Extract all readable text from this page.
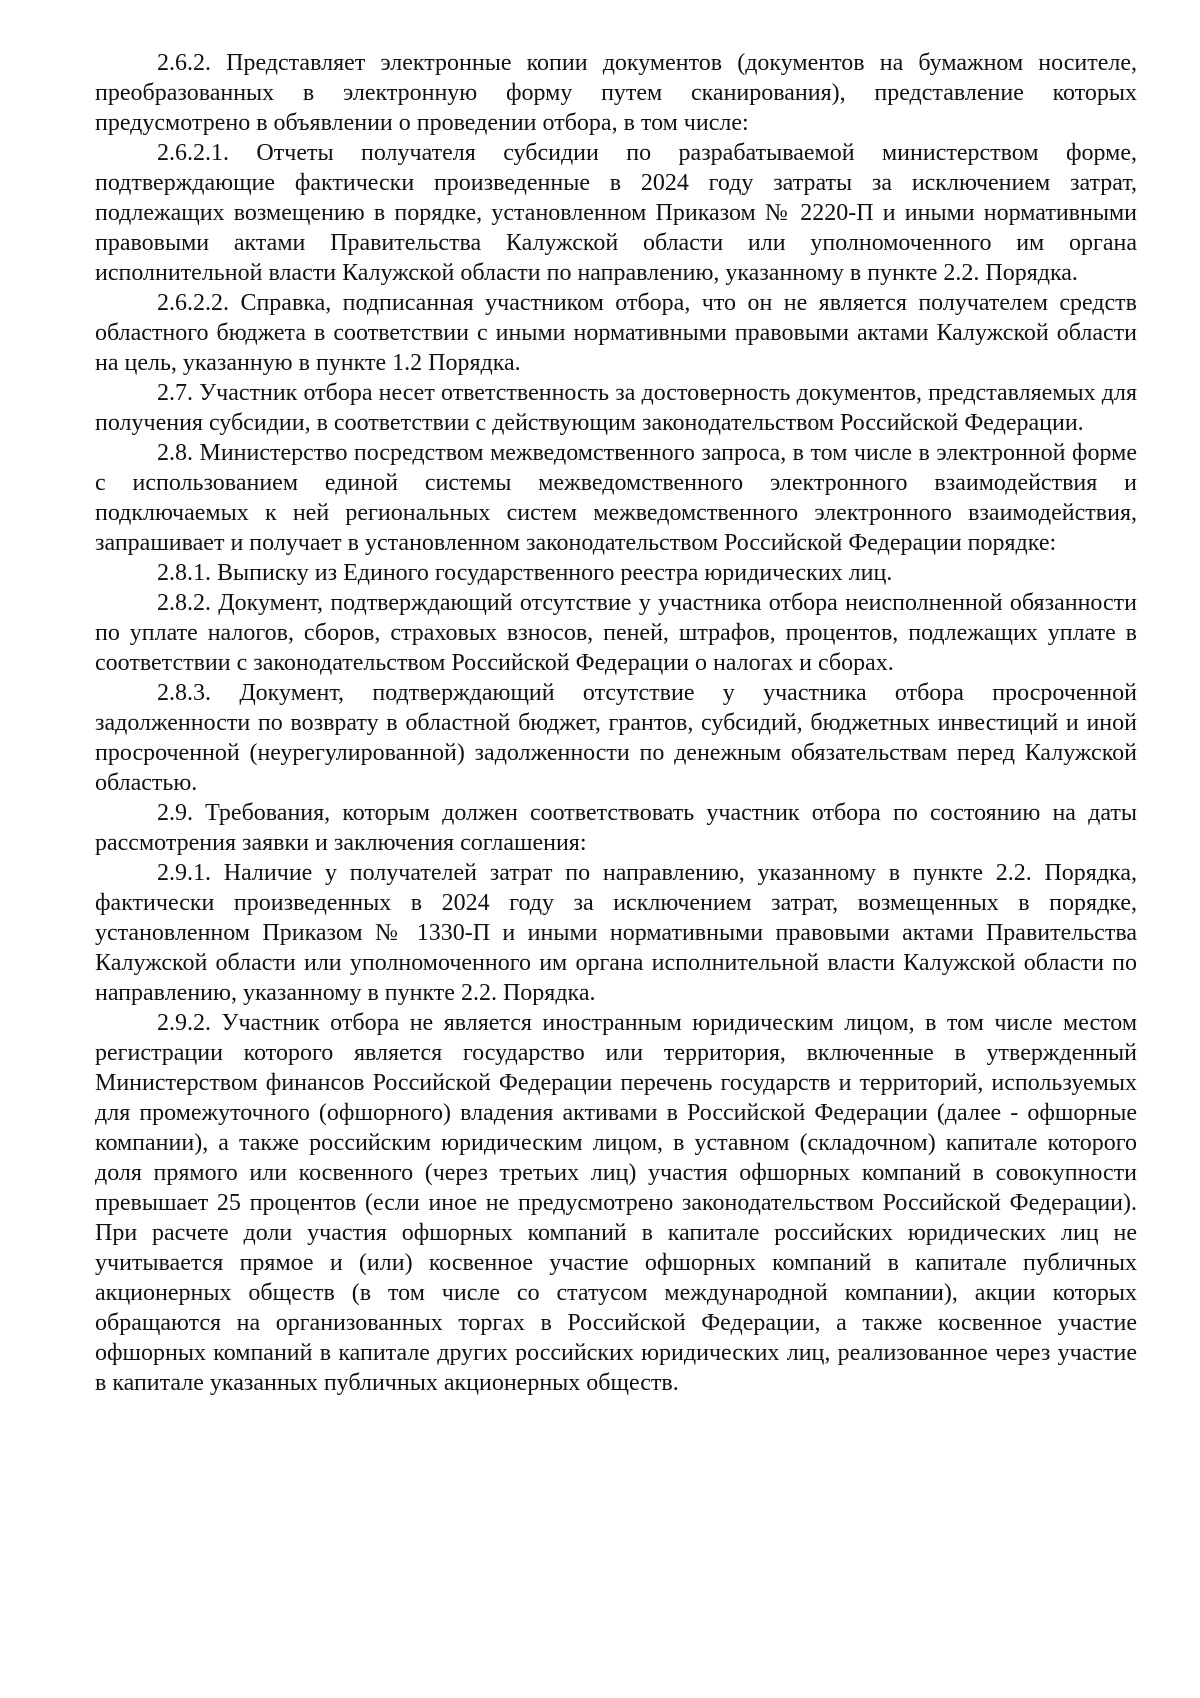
2.6.2. Представляет электронные копии документов (документов на бумажном носителе, преобразованных в электронную форму путем сканирования), представление которых предусмотрено в объявлении о проведении отбора, в том числе:

2.6.2.1. Отчеты получателя субсидии по разрабатываемой министерством форме, подтверждающие фактически произведенные в 2024 году затраты за исключением затрат, подлежащих возмещению в порядке, установленном Приказом № 2220-П и иными нормативными правовыми актами Правительства Калужской области или уполномоченного им органа исполнительной власти Калужской области по направлению, указанному в пункте 2.2. Порядка.

2.6.2.2. Справка, подписанная участником отбора, что он не является получателем средств областного бюджета в соответствии с иными нормативными правовыми актами Калужской области на цель, указанную в пункте 1.2 Порядка.

2.7. Участник отбора несет ответственность за достоверность документов, представляемых для получения субсидии, в соответствии с действующим законодательством Российской Федерации.

2.8. Министерство посредством межведомственного запроса, в том числе в электронной форме с использованием единой системы межведомственного электронного взаимодействия и подключаемых к ней региональных систем межведомственного электронного взаимодействия, запрашивает и получает в установленном законодательством Российской Федерации порядке:

2.8.1. Выписку из Единого государственного реестра юридических лиц.

2.8.2. Документ, подтверждающий отсутствие у участника отбора неисполненной обязанности по уплате налогов, сборов, страховых взносов, пеней, штрафов, процентов, подлежащих уплате в соответствии с законодательством Российской Федерации о налогах и сборах.

2.8.3. Документ, подтверждающий отсутствие у участника отбора просроченной задолженности по возврату в областной бюджет, грантов, субсидий, бюджетных инвестиций и иной просроченной (неурегулированной) задолженности по денежным обязательствам перед Калужской областью.

2.9. Требования, которым должен соответствовать участник отбора по состоянию на даты рассмотрения заявки и заключения соглашения:

2.9.1. Наличие у получателей затрат по направлению, указанному в пункте 2.2. Порядка, фактически произведенных в 2024 году за исключением затрат, возмещенных в порядке, установленном Приказом № 1330-П и иными нормативными правовыми актами Правительства Калужской области или уполномоченного им органа исполнительной власти Калужской области по направлению, указанному в пункте 2.2. Порядка.

2.9.2. Участник отбора не является иностранным юридическим лицом, в том числе местом регистрации которого является государство или территория, включенные в утвержденный Министерством финансов Российской Федерации перечень государств и территорий, используемых для промежуточного (офшорного) владения активами в Российской Федерации (далее - офшорные компании), а также российским юридическим лицом, в уставном (складочном) капитале которого доля прямого или косвенного (через третьих лиц) участия офшорных компаний в совокупности превышает 25 процентов (если иное не предусмотрено законодательством Российской Федерации). При расчете доли участия офшорных компаний в капитале российских юридических лиц не учитывается прямое и (или) косвенное участие офшорных компаний в капитале публичных акционерных обществ (в том числе со статусом международной компании), акции которых обращаются на организованных торгах в Российской Федерации, а также косвенное участие офшорных компаний в капитале других российских юридических лиц, реализованное через участие в капитале указанных публичных акционерных обществ.
